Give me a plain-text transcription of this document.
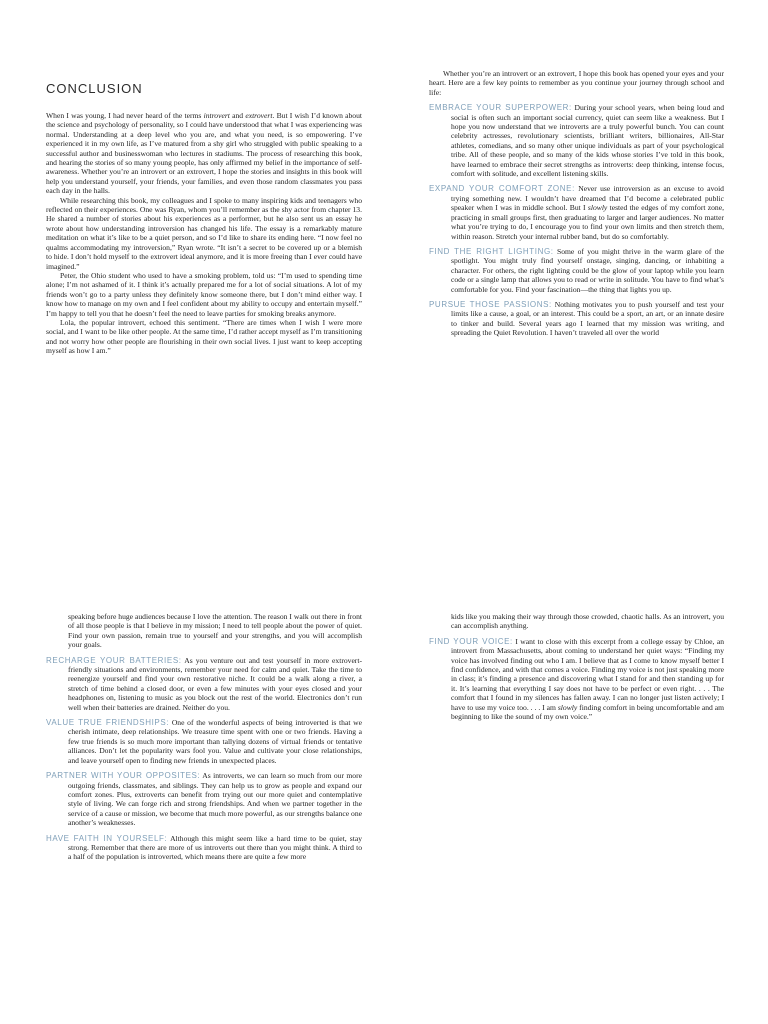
CONCLUSION

When I was young, I had never heard of the terms introvert and extrovert. But I wish I’d known about the science and psychology of personality, so I could have understood that what I was experiencing was normal. Understanding at a deep level who you are, and what you need, is so empowering. I’ve experienced it in my own life, as I’ve matured from a shy girl who struggled with public speaking to a successful author and businesswoman who lectures in stadiums. The process of researching this book, and hearing the stories of so many young people, has only affirmed my belief in the importance of self-awareness. Whether you’re an introvert or an extrovert, I hope the stories and insights in this book will help you understand yourself, your friends, your families, and even those random classmates you pass each day in the halls.

While researching this book, my colleagues and I spoke to many inspiring kids and teenagers who reflected on their experiences. One was Ryan, whom you’ll remember as the shy actor from chapter 13. He shared a number of stories about his experiences as a performer, but he also sent us an essay he wrote about how understanding introversion has changed his life. The essay is a remarkably mature meditation on what it’s like to be a quiet person, and so I’d like to share its ending here. “I now feel no qualms accommodating my introversion,” Ryan wrote. “It isn’t a secret to be covered up or a blemish to hide. I don’t hold myself to the extrovert ideal anymore, and it is more freeing than I ever could have imagined.”

Peter, the Ohio student who used to have a smoking problem, told us: “I’m used to spending time alone; I’m not ashamed of it. I think it’s actually prepared me for a lot of social situations. A lot of my friends won’t go to a party unless they definitely know someone there, but I don’t mind either way. I know how to manage on my own and I feel confident about my ability to occupy and entertain myself.” I’m happy to tell you that he doesn’t feel the need to leave parties for smoking breaks anymore.

Lola, the popular introvert, echoed this sentiment. “There are times when I wish I were more social, and I want to be like other people. At the same time, I’d rather accept myself as I’m transitioning and not worry how other people are flourishing in their own social lives. I just want to keep accepting myself as how I am.”

Whether you’re an introvert or an extrovert, I hope this book has opened your eyes and your heart. Here are a few key points to remember as you continue your journey through school and life:

EMBRACE YOUR SUPERPOWER: During your school years, when being loud and social is often such an important social currency, quiet can seem like a weakness. But I hope you now understand that we introverts are a truly powerful bunch. You can count celebrity actresses, revolutionary scientists, brilliant writers, billionaires, All-Star athletes, comedians, and so many other unique individuals as part of your psychological tribe. All of these people, and so many of the kids whose stories I’ve told in this book, have learned to embrace their secret strengths as introverts: deep thinking, intense focus, comfort with solitude, and excellent listening skills.

EXPAND YOUR COMFORT ZONE: Never use introversion as an excuse to avoid trying something new. I wouldn’t have dreamed that I’d become a celebrated public speaker when I was in middle school. But I slowly tested the edges of my comfort zone, practicing in small groups first, then graduating to larger and larger audiences. No matter what you’re trying to do, I encourage you to find your own limits and then stretch them, within reason. Stretch your internal rubber band, but do so comfortably.

FIND THE RIGHT LIGHTING: Some of you might thrive in the warm glare of the spotlight. You might truly find yourself onstage, singing, dancing, or inhabiting a character. For others, the right lighting could be the glow of your laptop while you learn code or a single lamp that allows you to read or write in solitude. You have to find what’s comfortable for you. Find your fascination—the thing that lights you up.

PURSUE THOSE PASSIONS: Nothing motivates you to push yourself and test your limits like a cause, a goal, or an interest. This could be a sport, an art, or an innate desire to tinker and build. Several years ago I learned that my mission was writing, and spreading the Quiet Revolution. I haven’t traveled all over the world

speaking before huge audiences because I love the attention. The reason I walk out there in front of all those people is that I believe in my mission; I need to tell people about the power of quiet. Find your own passion, remain true to yourself and your strengths, and you will accomplish your goals.

RECHARGE YOUR BATTERIES: As you venture out and test yourself in more extrovert-friendly situations and environments, remember your need for calm and quiet. Take the time to reenergize yourself and find your own restorative niche. It could be a walk along a river, a stretch of time behind a closed door, or even a few minutes with your eyes closed and your headphones on, listening to music as you block out the rest of the world. Electronics don’t run well when their batteries are drained. Neither do you.

VALUE TRUE FRIENDSHIPS: One of the wonderful aspects of being introverted is that we cherish intimate, deep relationships. We treasure time spent with one or two friends. Having a few true friends is so much more important than tallying dozens of virtual friends or tentative alliances. Don’t let the popularity wars fool you. Value and cultivate your close relationships, and leave yourself open to finding new friends in unexpected places.

PARTNER WITH YOUR OPPOSITES: As introverts, we can learn so much from our more outgoing friends, classmates, and siblings. They can help us to grow as people and expand our comfort zones. Plus, extroverts can benefit from trying out our more quiet and contemplative style of living. We can forge rich and strong friendships. And when we partner together in the service of a cause or mission, we become that much more powerful, as our strengths balance one another’s weaknesses.

HAVE FAITH IN YOURSELF: Although this might seem like a hard time to be quiet, stay strong. Remember that there are more of us introverts out there than you might think. A third to a half of the population is introverted, which means there are quite a few more

kids like you making their way through those crowded, chaotic halls. As an introvert, you can accomplish anything.

FIND YOUR VOICE: I want to close with this excerpt from a college essay by Chloe, an introvert from Massachusetts, about coming to understand her quiet ways: “Finding my voice has involved finding out who I am. I believe that as I come to know myself better I find confidence, and with that comes a voice. Finding my voice is not just speaking more in class; it’s finding a presence and discovering what I stand for and then standing up for it. It’s learning that everything I say does not have to be perfect or even right. . . . The comfort that I found in my silences has fallen away. I can no longer just listen actively; I have to use my voice too. . . . I am slowly finding comfort in being uncomfortable and am beginning to like the sound of my own voice.”
